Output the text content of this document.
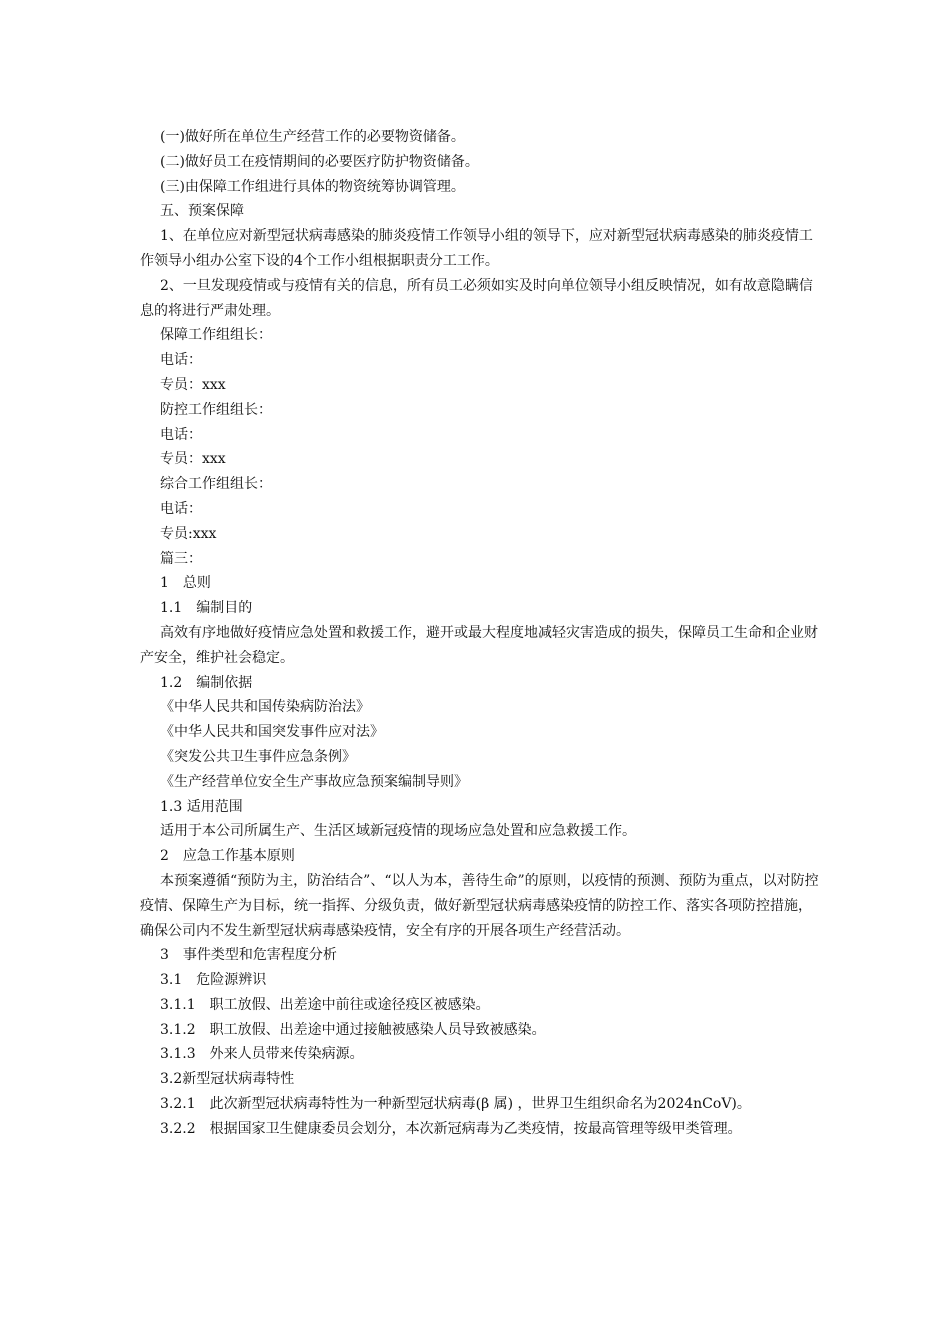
(一)做好所在单位生产经营工作的必要物资储备。

(二)做好员工在疫情期间的必要医疗防护物资储备。

(三)由保障工作组进行具体的物资统筹协调管理。

五、预案保障

1、在单位应对新型冠状病毒感染的肺炎疫情工作领导小组的领导下，应对新型冠状病毒感染的肺炎疫情工作领导小组办公室下设的4个工作小组根据职责分工工作。

2、一旦发现疫情或与疫情有关的信息，所有员工必须如实及时向单位领导小组反映情况，如有故意隐瞒信息的将进行严肃处理。

保障工作组组长：

电话：

专员：xxx

防控工作组组长：

电话：

专员：xxx

综合工作组组长：

电话：

专员:xxx

篇三：

1　总则

1.1　编制目的

高效有序地做好疫情应急处置和救援工作，避开或最大程度地减轻灾害造成的损失，保障员工生命和企业财产安全，维护社会稳定。

1.2　编制依据

《中华人民共和国传染病防治法》

《中华人民共和国突发事件应对法》

《突发公共卫生事件应急条例》

《生产经营单位安全生产事故应急预案编制导则》

1.3 适用范围

适用于本公司所属生产、生活区域新冠疫情的现场应急处置和应急救援工作。

2　应急工作基本原则

本预案遵循“预防为主，防治结合”、“以人为本，善待生命”的原则，以疫情的预测、预防为重点，以对防控疫情、保障生产为目标，统一指挥、分级负责，做好新型冠状病毒感染疫情的防控工作、落实各项防控措施，确保公司内不发生新型冠状病毒感染疫情，安全有序的开展各项生产经营活动。

3　事件类型和危害程度分析

3.1　危险源辨识

3.1.1　职工放假、出差途中前往或途径疫区被感染。

3.1.2　职工放假、出差途中通过接触被感染人员导致被感染。

3.1.3　外来人员带来传染病源。

3.2新型冠状病毒特性

3.2.1　此次新型冠状病毒特性为一种新型冠状病毒(β 属) ，世界卫生组织命名为2024nCoV)。

3.2.2　根据国家卫生健康委员会划分，本次新冠病毒为乙类疫情，按最高管理等级甲类管理。
